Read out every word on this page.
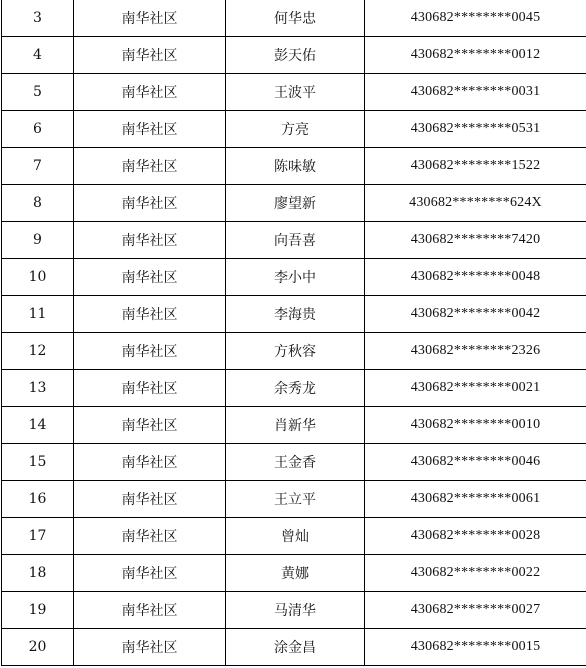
3	南华社区	何华忠	430682********0045
4	南华社区	彭天佑	430682********0012
5	南华社区	王波平	430682********0031
6	南华社区	方亮	430682********0531
7	南华社区	陈味敏	430682********1522
8	南华社区	廖望新	430682********624X
9	南华社区	向吾喜	430682********7420
10	南华社区	李小中	430682********0048
11	南华社区	李海贵	430682********0042
12	南华社区	方秋容	430682********2326
13	南华社区	余秀龙	430682********0021
14	南华社区	肖新华	430682********0010
15	南华社区	王金香	430682********0046
16	南华社区	王立平	430682********0061
17	南华社区	曾灿	430682********0028
18	南华社区	黄娜	430682********0022
19	南华社区	马清华	430682********0027
20	南华社区	涂金昌	430682********0015
